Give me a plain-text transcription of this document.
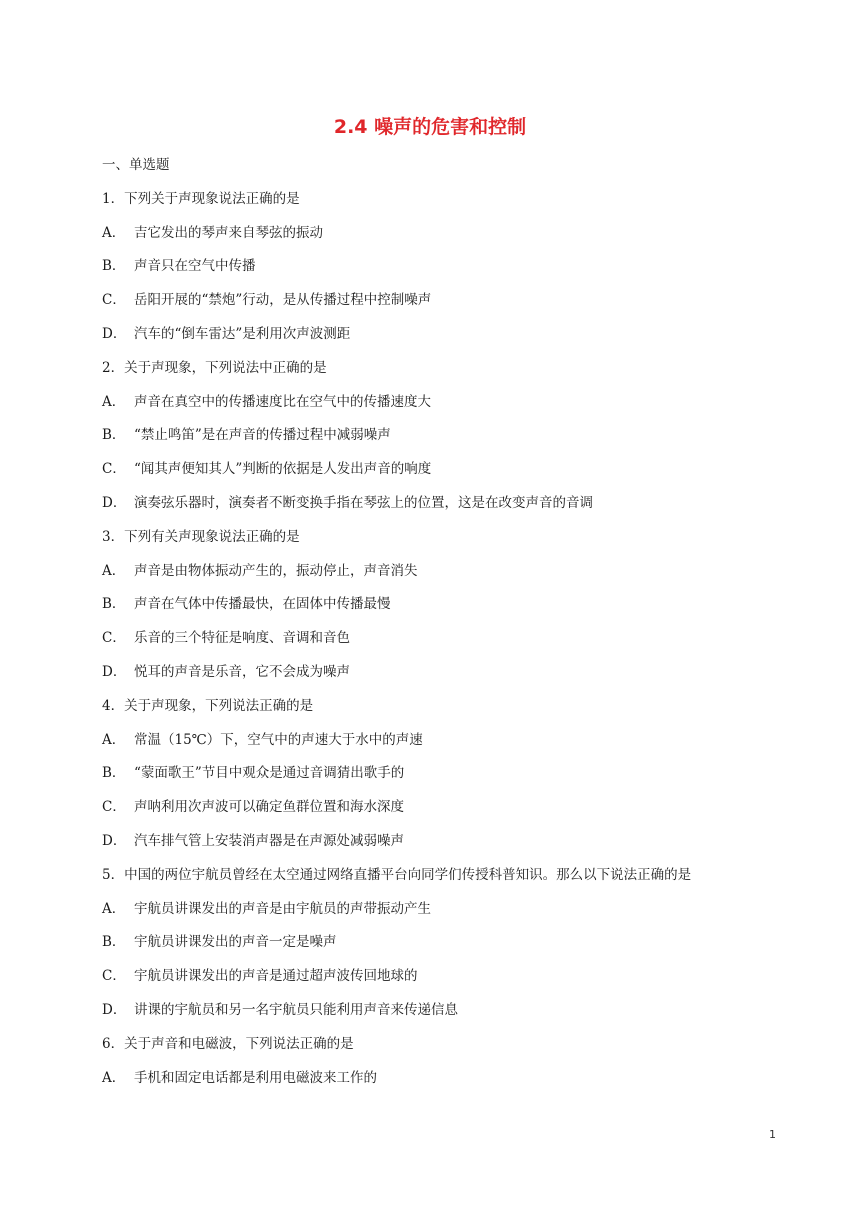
2.4 噪声的危害和控制
一、单选题
1．下列关于声现象说法正确的是
A． 吉它发出的琴声来自琴弦的振动
B． 声音只在空气中传播
C． 岳阳开展的“禁炮”行动，是从传播过程中控制噪声
D． 汽车的“倒车雷达”是利用次声波测距
2．关于声现象，下列说法中正确的是
A． 声音在真空中的传播速度比在空气中的传播速度大
B． “禁止鸣笛”是在声音的传播过程中减弱噪声
C． “闻其声便知其人”判断的依据是人发出声音的响度
D． 演奏弦乐器时，演奏者不断变换手指在琴弦上的位置，这是在改变声音的音调
3．下列有关声现象说法正确的是
A． 声音是由物体振动产生的，振动停止，声音消失
B． 声音在气体中传播最快，在固体中传播最慢
C． 乐音的三个特征是响度、音调和音色
D． 悦耳的声音是乐音，它不会成为噪声
4．关于声现象，下列说法正确的是
A． 常温（15℃）下，空气中的声速大于水中的声速
B． “蒙面歌王”节目中观众是通过音调猜出歌手的
C． 声呐利用次声波可以确定鱼群位置和海水深度
D． 汽车排气管上安装消声器是在声源处减弱噪声
5．中国的两位宇航员曾经在太空通过网络直播平台向同学们传授科普知识。那么以下说法正确的是
A． 宇航员讲课发出的声音是由宇航员的声带振动产生
B． 宇航员讲课发出的声音一定是噪声
C． 宇航员讲课发出的声音是通过超声波传回地球的
D． 讲课的宇航员和另一名宇航员只能利用声音来传递信息
6．关于声音和电磁波，下列说法正确的是
A． 手机和固定电话都是利用电磁波来工作的
1
